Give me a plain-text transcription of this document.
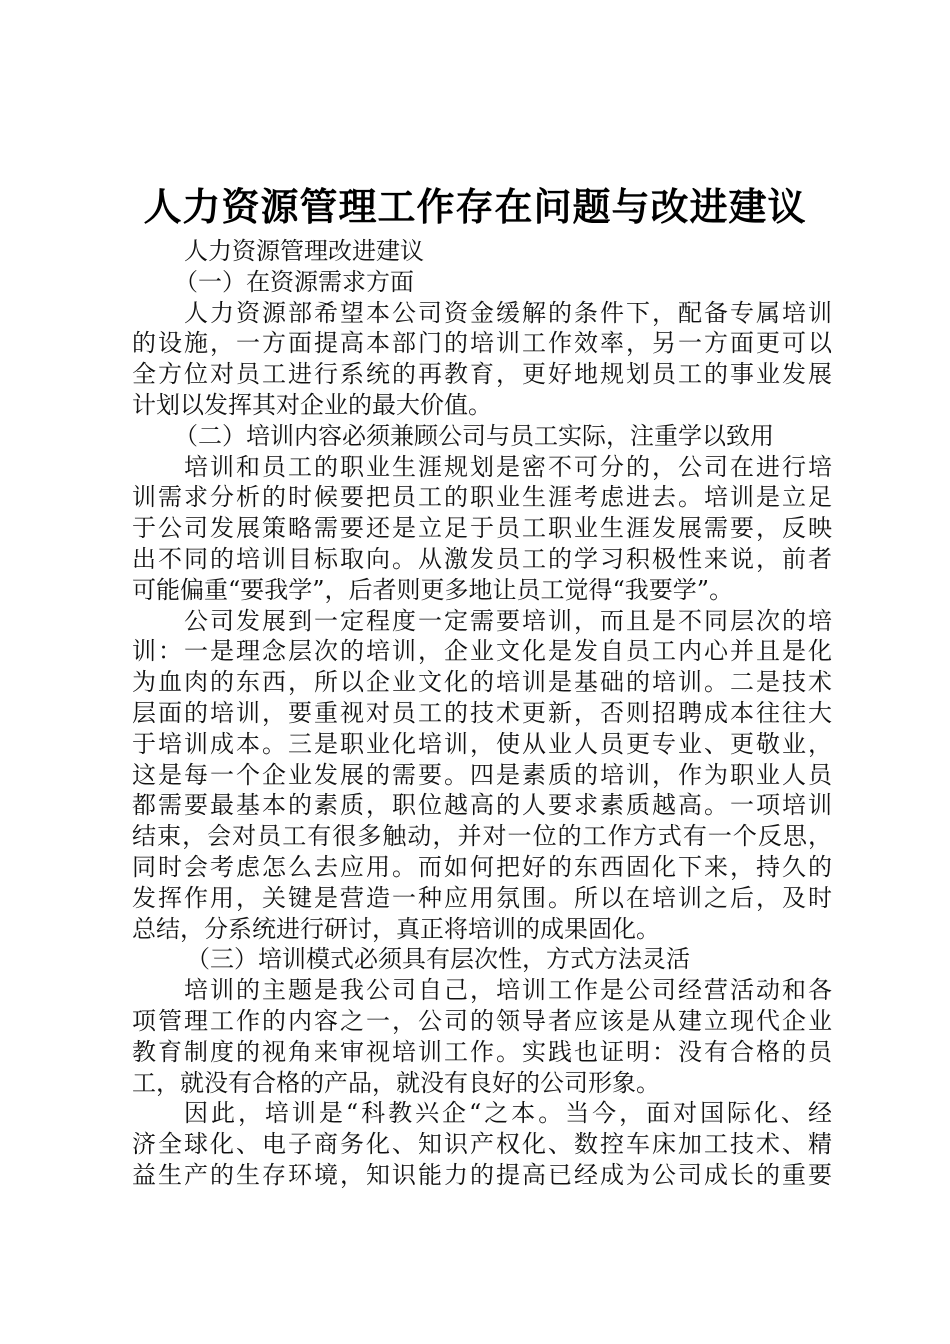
人力资源管理工作存在问题与改进建议
人力资源管理改进建议
（一）在资源需求方面
人力资源部希望本公司资金缓解的条件下，配备专属培训
的设施，一方面提高本部门的培训工作效率，另一方面更可以
全方位对员工进行系统的再教育，更好地规划员工的事业发展
计划以发挥其对企业的最大价值。
（二）培训内容必须兼顾公司与员工实际，注重学以致用
培训和员工的职业生涯规划是密不可分的，公司在进行培
训需求分析的时候要把员工的职业生涯考虑进去。培训是立足
于公司发展策略需要还是立足于员工职业生涯发展需要，反映
出不同的培训目标取向。从激发员工的学习积极性来说，前者
可能偏重“要我学”，后者则更多地让员工觉得“我要学”。
公司发展到一定程度一定需要培训，而且是不同层次的培
训：一是理念层次的培训，企业文化是发自员工内心并且是化
为血肉的东西，所以企业文化的培训是基础的培训。二是技术
层面的培训，要重视对员工的技术更新，否则招聘成本往往大
于培训成本。三是职业化培训，使从业人员更专业、更敬业，
这是每一个企业发展的需要。四是素质的培训，作为职业人员
都需要最基本的素质，职位越高的人要求素质越高。一项培训
结束，会对员工有很多触动，并对一位的工作方式有一个反思，
同时会考虑怎么去应用。而如何把好的东西固化下来，持久的
发挥作用，关键是营造一种应用氛围。所以在培训之后，及时
总结，分系统进行研讨，真正将培训的成果固化。
（三）培训模式必须具有层次性，方式方法灵活
培训的主题是我公司自己，培训工作是公司经营活动和各
项管理工作的内容之一，公司的领导者应该是从建立现代企业
教育制度的视角来审视培训工作。实践也证明：没有合格的员
工，就没有合格的产品，就没有良好的公司形象。
因此，培训是“科教兴企“之本。当今，面对国际化、经
济全球化、电子商务化、知识产权化、数控车床加工技术、精
益生产的生存环境，知识能力的提高已经成为公司成长的重要
